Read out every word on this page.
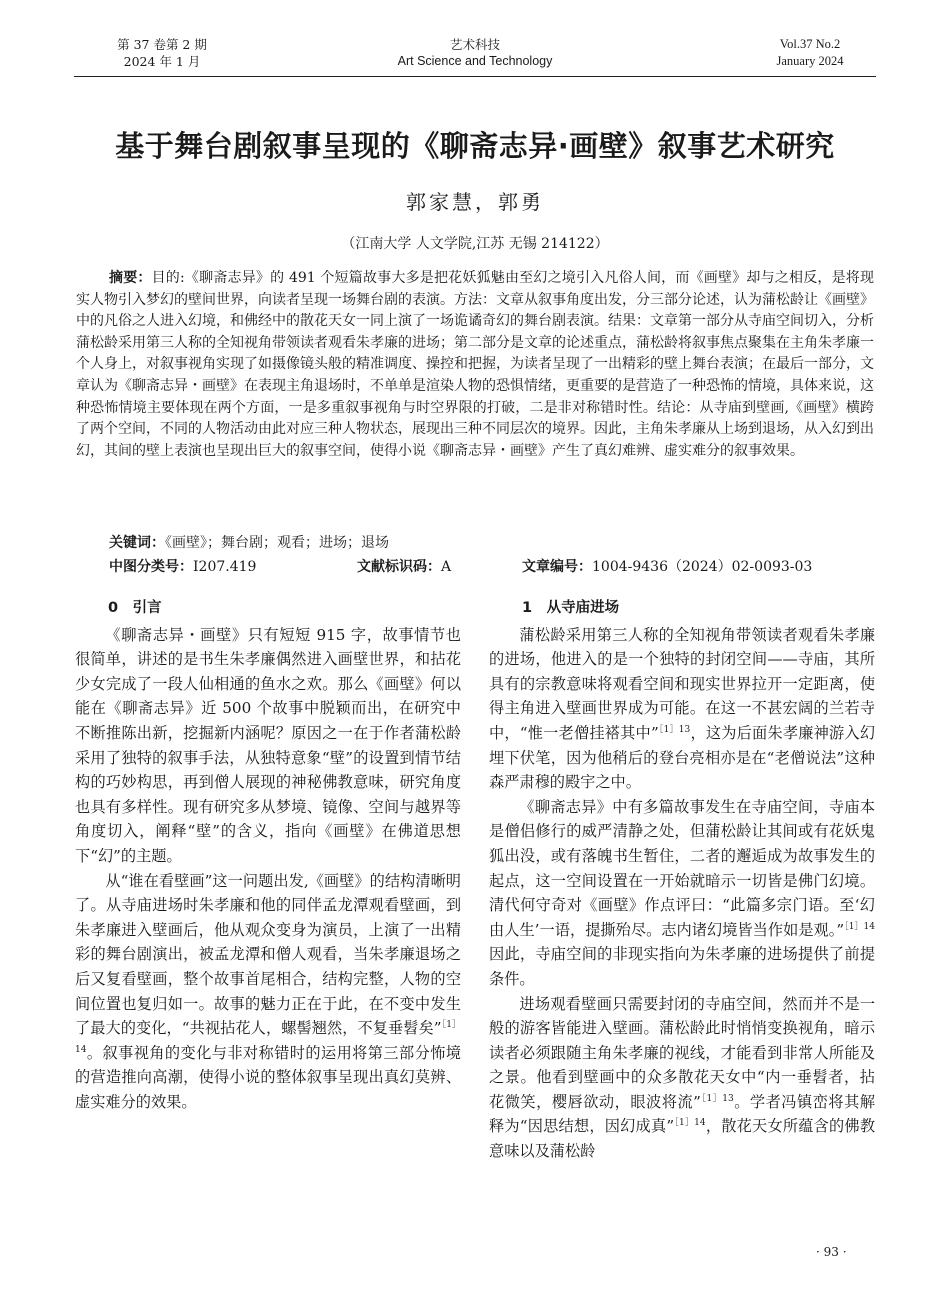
第 37 卷第 2 期
2024 年 1 月
艺术科技
Art Science and Technology
Vol.37 No.2
January 2024
基于舞台剧叙事呈现的《聊斋志异·画壁》叙事艺术研究
郭家慧，郭勇
（江南大学 人文学院,江苏 无锡 214122）

摘要：目的:《聊斋志异》的 491 个短篇故事大多是把花妖狐魅由至幻之境引入凡俗人间，而《画壁》却与之相反，是将现实人物引入梦幻的壁间世界，向读者呈现一场舞台剧的表演。方法：文章从叙事角度出发，分三部分论述，认为蒲松龄让《画壁》中的凡俗之人进入幻境，和佛经中的散花天女一同上演了一场诡谲奇幻的舞台剧表演。结果：文章第一部分从寺庙空间切入，分析蒲松龄采用第三人称的全知视角带领读者观看朱孝廉的进场；第二部分是文章的论述重点，蒲松龄将叙事焦点聚集在主角朱孝廉一个人身上，对叙事视角实现了如摄像镜头般的精准调度、操控和把握，为读者呈现了一出精彩的壁上舞台表演；在最后一部分，文章认为《聊斋志异・画壁》在表现主角退场时，不单单是渲染人物的恐惧情绪，更重要的是营造了一种恐怖的情境，具体来说，这种恐怖情境主要体现在两个方面，一是多重叙事视角与时空界限的打破，二是非对称错时性。结论：从寺庙到壁画,《画壁》横跨了两个空间，不同的人物活动由此对应三种人物状态，展现出三种不同层次的境界。因此，主角朱孝廉从上场到退场，从入幻到出幻，其间的壁上表演也呈现出巨大的叙事空间，使得小说《聊斋志异・画壁》产生了真幻难辨、虚实难分的叙事效果。

关键词：《画壁》；舞台剧；观看；进场；退场
中图分类号：I207.419	文献标识码：A	文章编号：1004-9436（2024）02-0093-03
0　引言

《聊斋志异・画壁》只有短短 915 字，故事情节也很简单，讲述的是书生朱孝廉偶然进入画壁世界，和拈花少女完成了一段人仙相通的鱼水之欢。那么《画壁》何以能在《聊斋志异》近 500 个故事中脱颖而出，在研究中不断推陈出新，挖掘新内涵呢？原因之一在于作者蒲松龄采用了独特的叙事手法，从独特意象“壁”的设置到情节结构的巧妙构思，再到僧人展现的神秘佛教意味，研究角度也具有多样性。现有研究多从梦境、镜像、空间与越界等角度切入，阐释“壁”的含义，指向《画壁》在佛道思想下“幻”的主题。

从“谁在看壁画”这一问题出发,《画壁》的结构清晰明了。从寺庙进场时朱孝廉和他的同伴孟龙潭观看壁画，到朱孝廉进入壁画后，他从观众变身为演员，上演了一出精彩的舞台剧演出，被孟龙潭和僧人观看，当朱孝廉退场之后又复看壁画，整个故事首尾相合，结构完整，人物的空间位置也复归如一。故事的魅力正在于此，在不变中发生了最大的变化，“共视拈花人，螺髻翘然，不复垂髫矣”$^{[1]14}$。叙事视角的变化与非对称错时的运用将第三部分怖境的营造推向高潮，使得小说的整体叙事呈现出真幻莫辨、虚实难分的效果。

1　从寺庙进场

蒲松龄采用第三人称的全知视角带领读者观看朱孝廉的进场，他进入的是一个独特的封闭空间——寺庙，其所具有的宗教意味将观看空间和现实世界拉开一定距离，使得主角进入壁画世界成为可能。在这一不甚宏阔的兰若寺中，“惟一老僧挂褡其中”$^{[1]13}$，这为后面朱孝廉神游入幻埋下伏笔，因为他稍后的登台亮相亦是在“老僧说法”这种森严肃穆的殿宇之中。

《聊斋志异》中有多篇故事发生在寺庙空间，寺庙本是僧侣修行的威严清静之处，但蒲松龄让其间或有花妖鬼狐出没，或有落魄书生暂住，二者的邂逅成为故事发生的起点，这一空间设置在一开始就暗示一切皆是佛门幻境。清代何守奇对《画壁》作点评曰：“此篇多宗门语。至‘幻由人生’一语，提撕殆尽。志内诸幻境皆当作如是观。”$^{[1]14}$因此，寺庙空间的非现实指向为朱孝廉的进场提供了前提条件。

进场观看壁画只需要封闭的寺庙空间，然而并不是一般的游客皆能进入壁画。蒲松龄此时悄悄变换视角，暗示读者必须跟随主角朱孝廉的视线，才能看到非常人所能及之景。他看到壁画中的众多散花天女中“内一垂髫者，拈花微笑，樱唇欲动，眼波将流”$^{[1]13}$。学者冯镇峦将其解释为“因思结想，因幻成真”$^{[1]14}$，散花天女所蕴含的佛教意味以及蒲松龄

· 93 ·
